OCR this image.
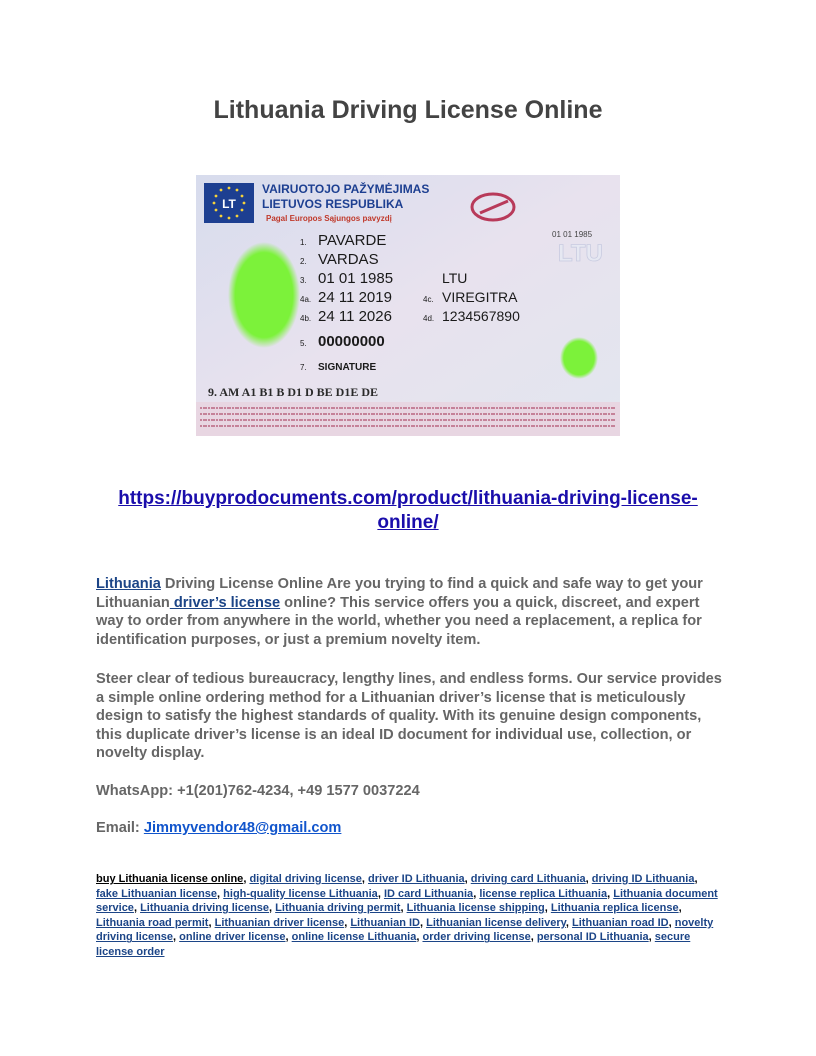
Lithuania Driving License Online
LT
VAIRUOTOJO PAŽYMĖJIMAS
LIETUVOS RESPUBLIKA
Pagal Europos Sąjungos pavyzdį
LTU
01 01 1985
1. PAVARDE
2. VARDAS
3. 01 01 1985	LTU
4a. 24 11 2019	4c. VIREGITRA
4b. 24 11 2026	4d. 1234567890
5. 00000000
7. SIGNATURE
9. AM A1 B1 B D1 D BE D1E DE
https://buyprodocuments.com/product/lithuania-driving-license-online/

Lithuania Driving License Online Are you trying to find a quick and safe way to get your Lithuanian driver’s license online? This service offers you a quick, discreet, and expert way to order from anywhere in the world, whether you need a replacement, a replica for identification purposes, or just a premium novelty item.

Steer clear of tedious bureaucracy, lengthy lines, and endless forms. Our service provides a simple online ordering method for a Lithuanian driver’s license that is meticulously design to satisfy the highest standards of quality. With its genuine design components, this duplicate driver’s license is an ideal ID document for individual use, collection, or novelty display.

WhatsApp: +1(201)762-4234, +49 1577 0037224

Email: Jimmyvendor48@gmail.com

buy Lithuania license online, digital driving license, driver ID Lithuania, driving card Lithuania, driving ID Lithuania, fake Lithuanian license, high-quality license Lithuania, ID card Lithuania, license replica Lithuania, Lithuania document service, Lithuania driving license, Lithuania driving permit, Lithuania license shipping, Lithuania replica license, Lithuania road permit, Lithuanian driver license, Lithuanian ID, Lithuanian license delivery, Lithuanian road ID, novelty driving license, online driver license, online license Lithuania, order driving license, personal ID Lithuania, secure license order
